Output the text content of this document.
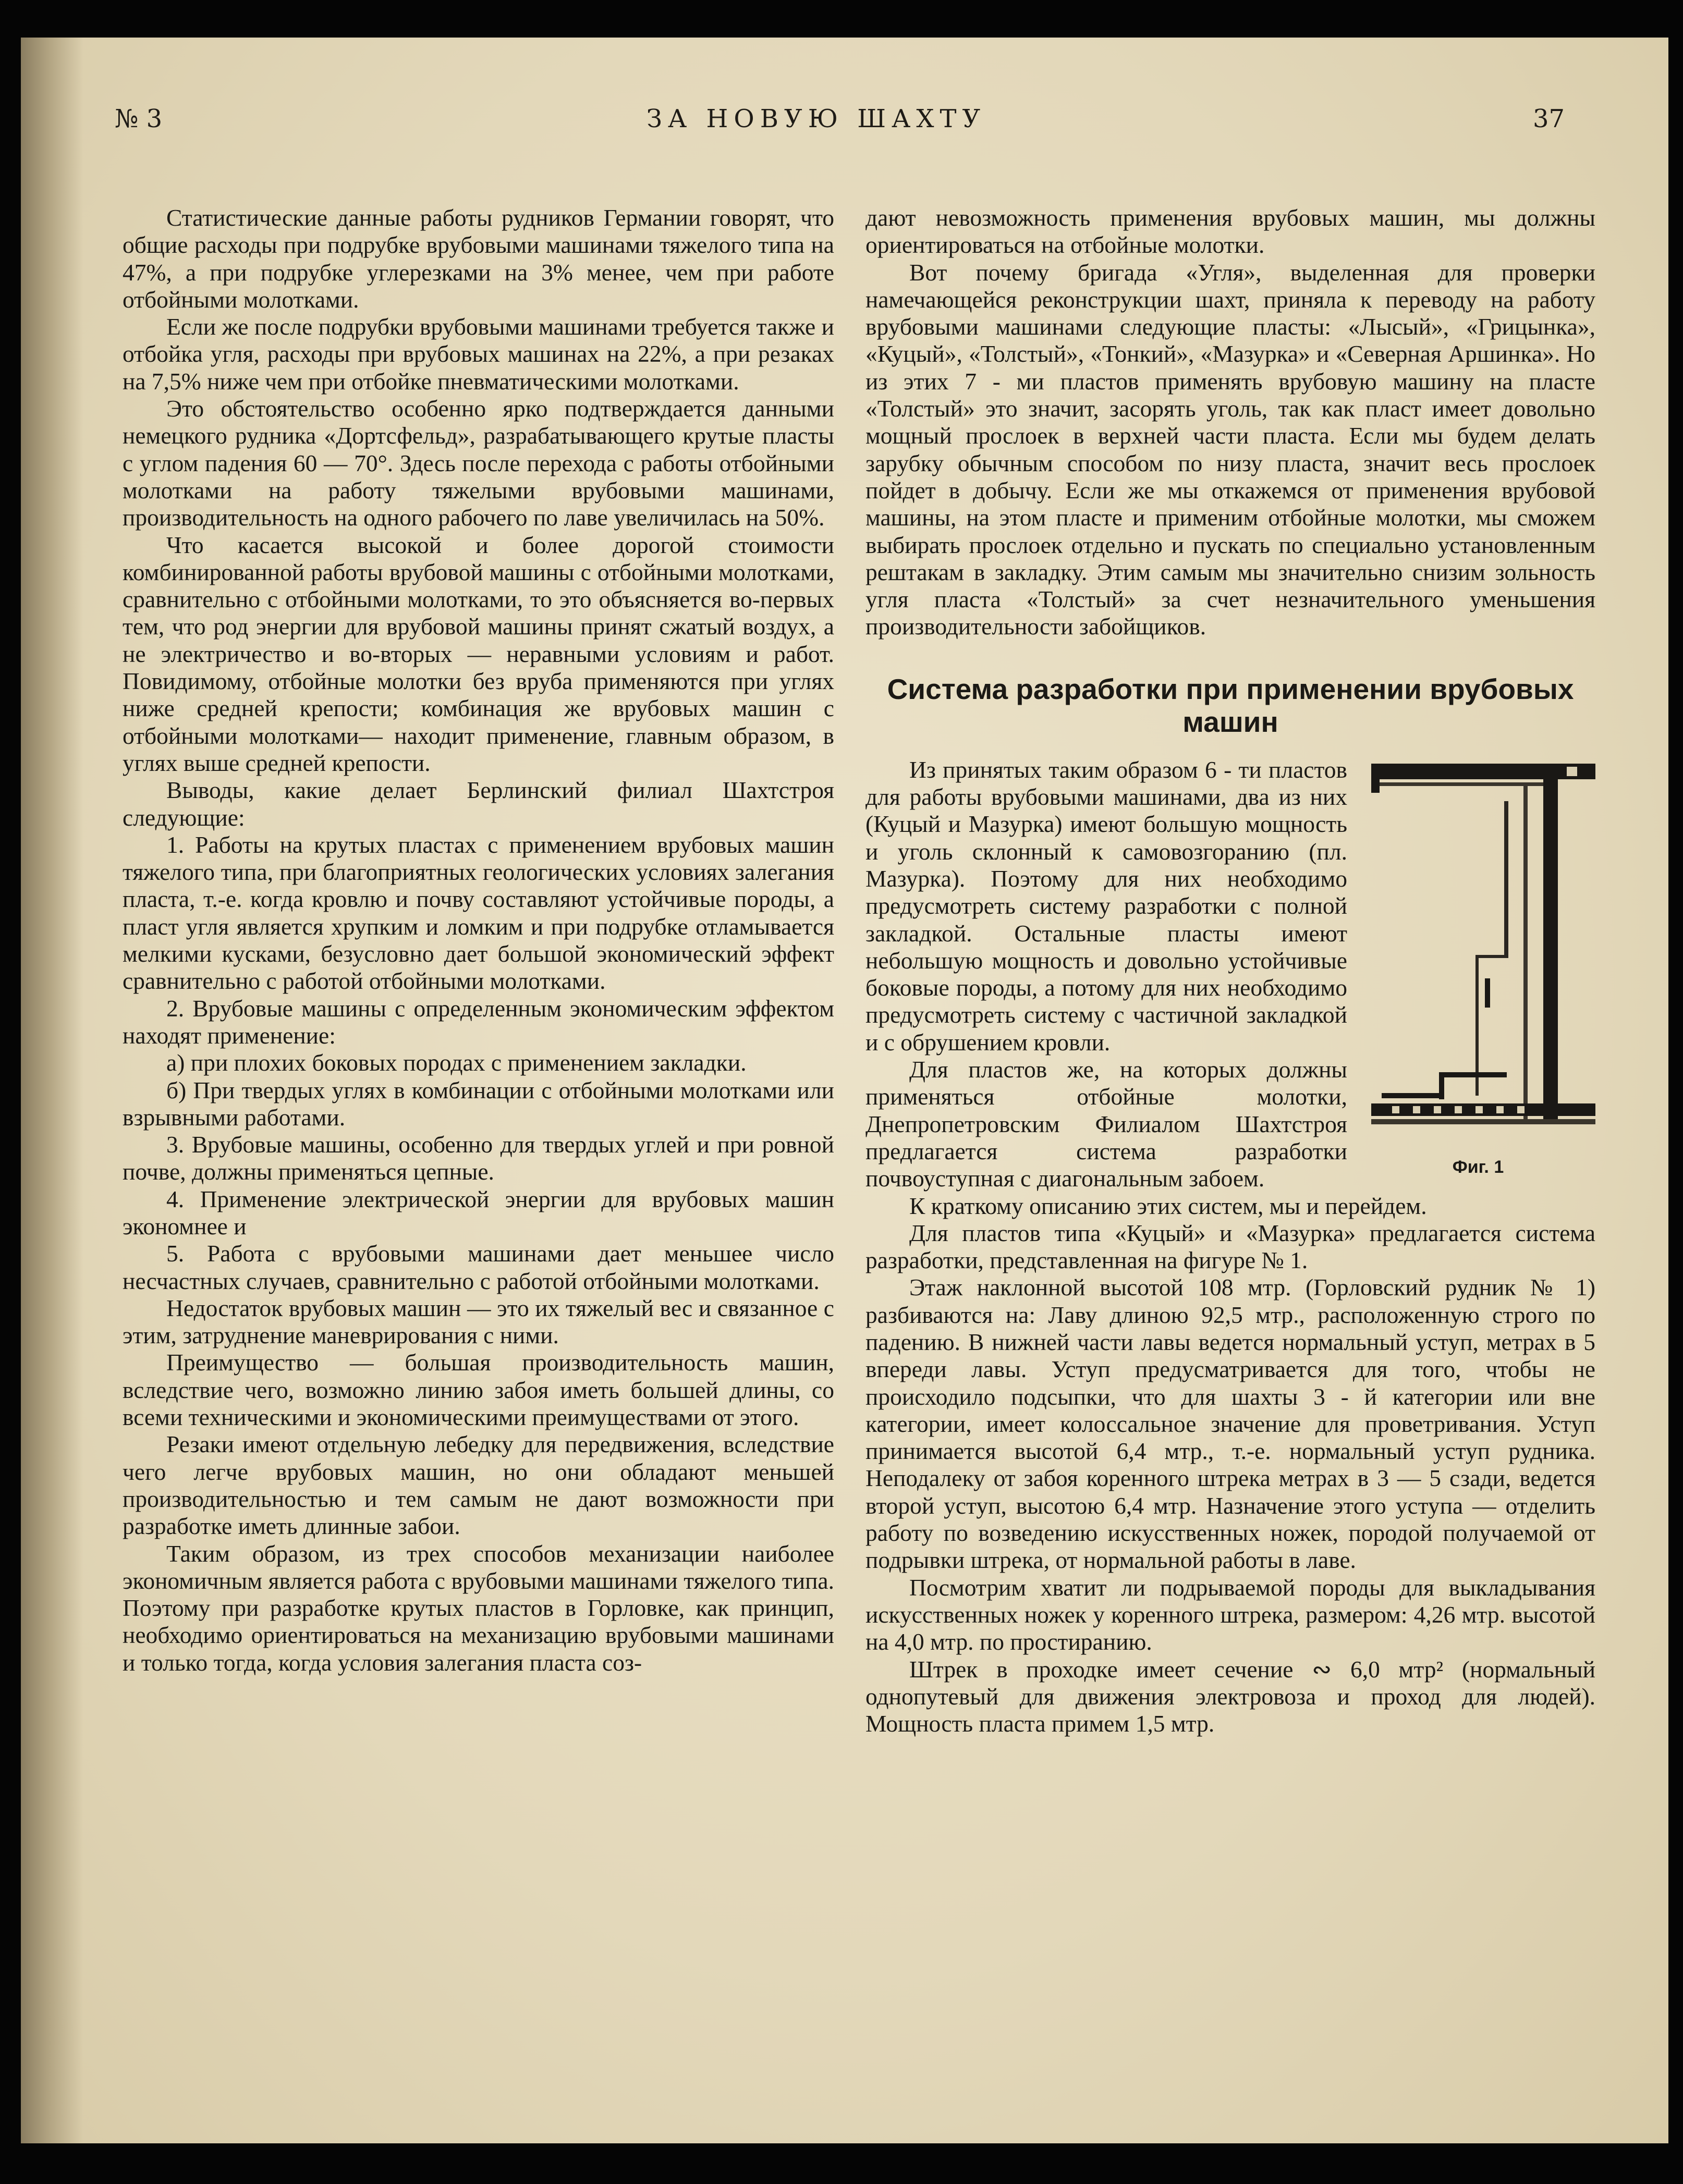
№ 3	ЗА НОВУЮ ШАХТУ	37

Статистические данные работы рудников Германии говорят, что общие расходы при подрубке врубовыми машинами тяжелого типа на 47%, а при подрубке углерезками на 3% менее, чем при работе отбойными молотками.

Если же после подрубки врубовыми машинами требуется также и отбойка угля, расходы при врубовых машинах на 22%, а при резаках на 7,5% ниже чем при отбойке пневматическими молотками.

Это обстоятельство особенно ярко подтверждается данными немецкого рудника «Дортсфельд», разрабатывающего крутые пласты с углом падения 60 — 70°. Здесь после перехода с работы отбойными молотками на работу тяжелыми врубовыми машинами, производительность на одного рабочего по лаве увеличилась на 50%.

Что касается высокой и более дорогой стоимости комбинированной работы врубовой машины с отбойными молотками, сравнительно с отбойными молотками, то это объясняется во-первых тем, что род энергии для врубовой машины принят сжатый воздух, а не электричество и во-вторых — неравными условиям и работ. Повидимому, отбойные молотки без вруба применяются при углях ниже средней крепости; комбинация же врубовых машин с отбойными молотками— находит применение, главным образом, в углях выше средней крепости.

Выводы, какие делает Берлинский филиал Шахтстроя следующие:

1. Работы на крутых пластах с применением врубовых машин тяжелого типа, при благоприятных геологических условиях залегания пласта, т.-е. когда кровлю и почву составляют устойчивые породы, а пласт угля является хрупким и ломким и при подрубке отламывается мелкими кусками, безусловно дает большой экономический эффект сравнительно с работой отбойными молотками.

2. Врубовые машины с определенным экономическим эффектом находят применение:

а) при плохих боковых породах с применением закладки.

б) При твердых углях в комбинации с отбойными молотками или взрывными работами.

3. Врубовые машины, особенно для твердых углей и при ровной почве, должны применяться цепные.

4. Применение электрической энергии для врубовых машин экономнее и

5. Работа с врубовыми машинами дает меньшее число несчастных случаев, сравнительно с работой отбойными молотками.

Недостаток врубовых машин — это их тяжелый вес и связанное с этим, затруднение маневрирования с ними.

Преимущество — большая производительность машин, вследствие чего, возможно линию забоя иметь большей длины, со всеми техническими и экономическими преимуществами от этого.

Резаки имеют отдельную лебедку для передвижения, вследствие чего легче врубовых машин, но они обладают меньшей производительностью и тем самым не дают возможности при разработке иметь длинные забои.

Таким образом, из трех способов механизации наиболее экономичным является работа с врубовыми машинами тяжелого типа. Поэтому при разработке крутых пластов в Горловке, как принцип, необходимо ориентироваться на механизацию врубовыми машинами и только тогда, когда условия залегания пласта соз-

дают невозможность применения врубовых машин, мы должны ориентироваться на отбойные молотки.

Вот почему бригада «Угля», выделенная для проверки намечающейся реконструкции шахт, приняла к переводу на работу врубовыми машинами следующие пласты: «Лысый», «Грицынка», «Куцый», «Толстый», «Тонкий», «Мазурка» и «Северная Аршинка». Но из этих 7 - ми пластов применять врубовую машину на пласте «Толстый» это значит, засорять уголь, так как пласт имеет довольно мощный прослоек в верхней части пласта. Если мы будем делать зарубку обычным способом по низу пласта, значит весь прослоек пойдет в добычу. Если же мы откажемся от применения врубовой машины, на этом пласте и применим отбойные молотки, мы сможем выбирать прослоек отдельно и пускать по специально установленным рештакам в закладку. Этим самым мы значительно снизим зольность угля пласта «Толстый» за счет незначительного уменьшения производительности забойщиков.

Система разработки при применении врубовых машин

Фиг. 1

Из принятых таким образом 6 - ти пластов для работы врубовыми машинами, два из них (Куцый и Мазурка) имеют большую мощность и уголь склонный к самовозгоранию (пл. Мазурка). Поэтому для них необходимо предусмотреть систему разработки с полной закладкой. Остальные пласты имеют небольшую мощность и довольно устойчивые боковые породы, а потому для них необходимо предусмотреть систему с частичной закладкой и с обрушением кровли.

Для пластов же, на которых должны применяться отбойные молотки, Днепропетровским Филиалом Шахтстроя предлагается система разработки почвоуступная с диагональным забоем.

К краткому описанию этих систем, мы и перейдем.

Для пластов типа «Куцый» и «Мазурка» предлагается система разработки, представленная на фигуре № 1.

Этаж наклонной высотой 108 мтр. (Горловский рудник № 1) разбиваются на: Лаву длиною 92,5 мтр., расположенную строго по падению. В нижней части лавы ведется нормальный уступ, метрах в 5 впереди лавы. Уступ предусматривается для того, чтобы не происходило подсыпки, что для шахты 3 - й категории или вне категории, имеет колоссальное значение для проветривания. Уступ принимается высотой 6,4 мтр., т.-е. нормальный уступ рудника. Неподалеку от забоя коренного штрека метрах в 3 — 5 сзади, ведется второй уступ, высотою 6,4 мтр. Назначение этого уступа — отделить работу по возведению искусственных ножек, породой получаемой от подрывки штрека, от нормальной работы в лаве.

Посмотрим хватит ли подрываемой породы для выкладывания искусственных ножек у коренного штрека, размером: 4,26 мтр. высотой на 4,0 мтр. по простиранию.

Штрек в проходке имеет сечение ∾ 6,0 мтр² (нормальный однопутевый для движения электровоза и проход для людей). Мощность пласта примем 1,5 мтр.
